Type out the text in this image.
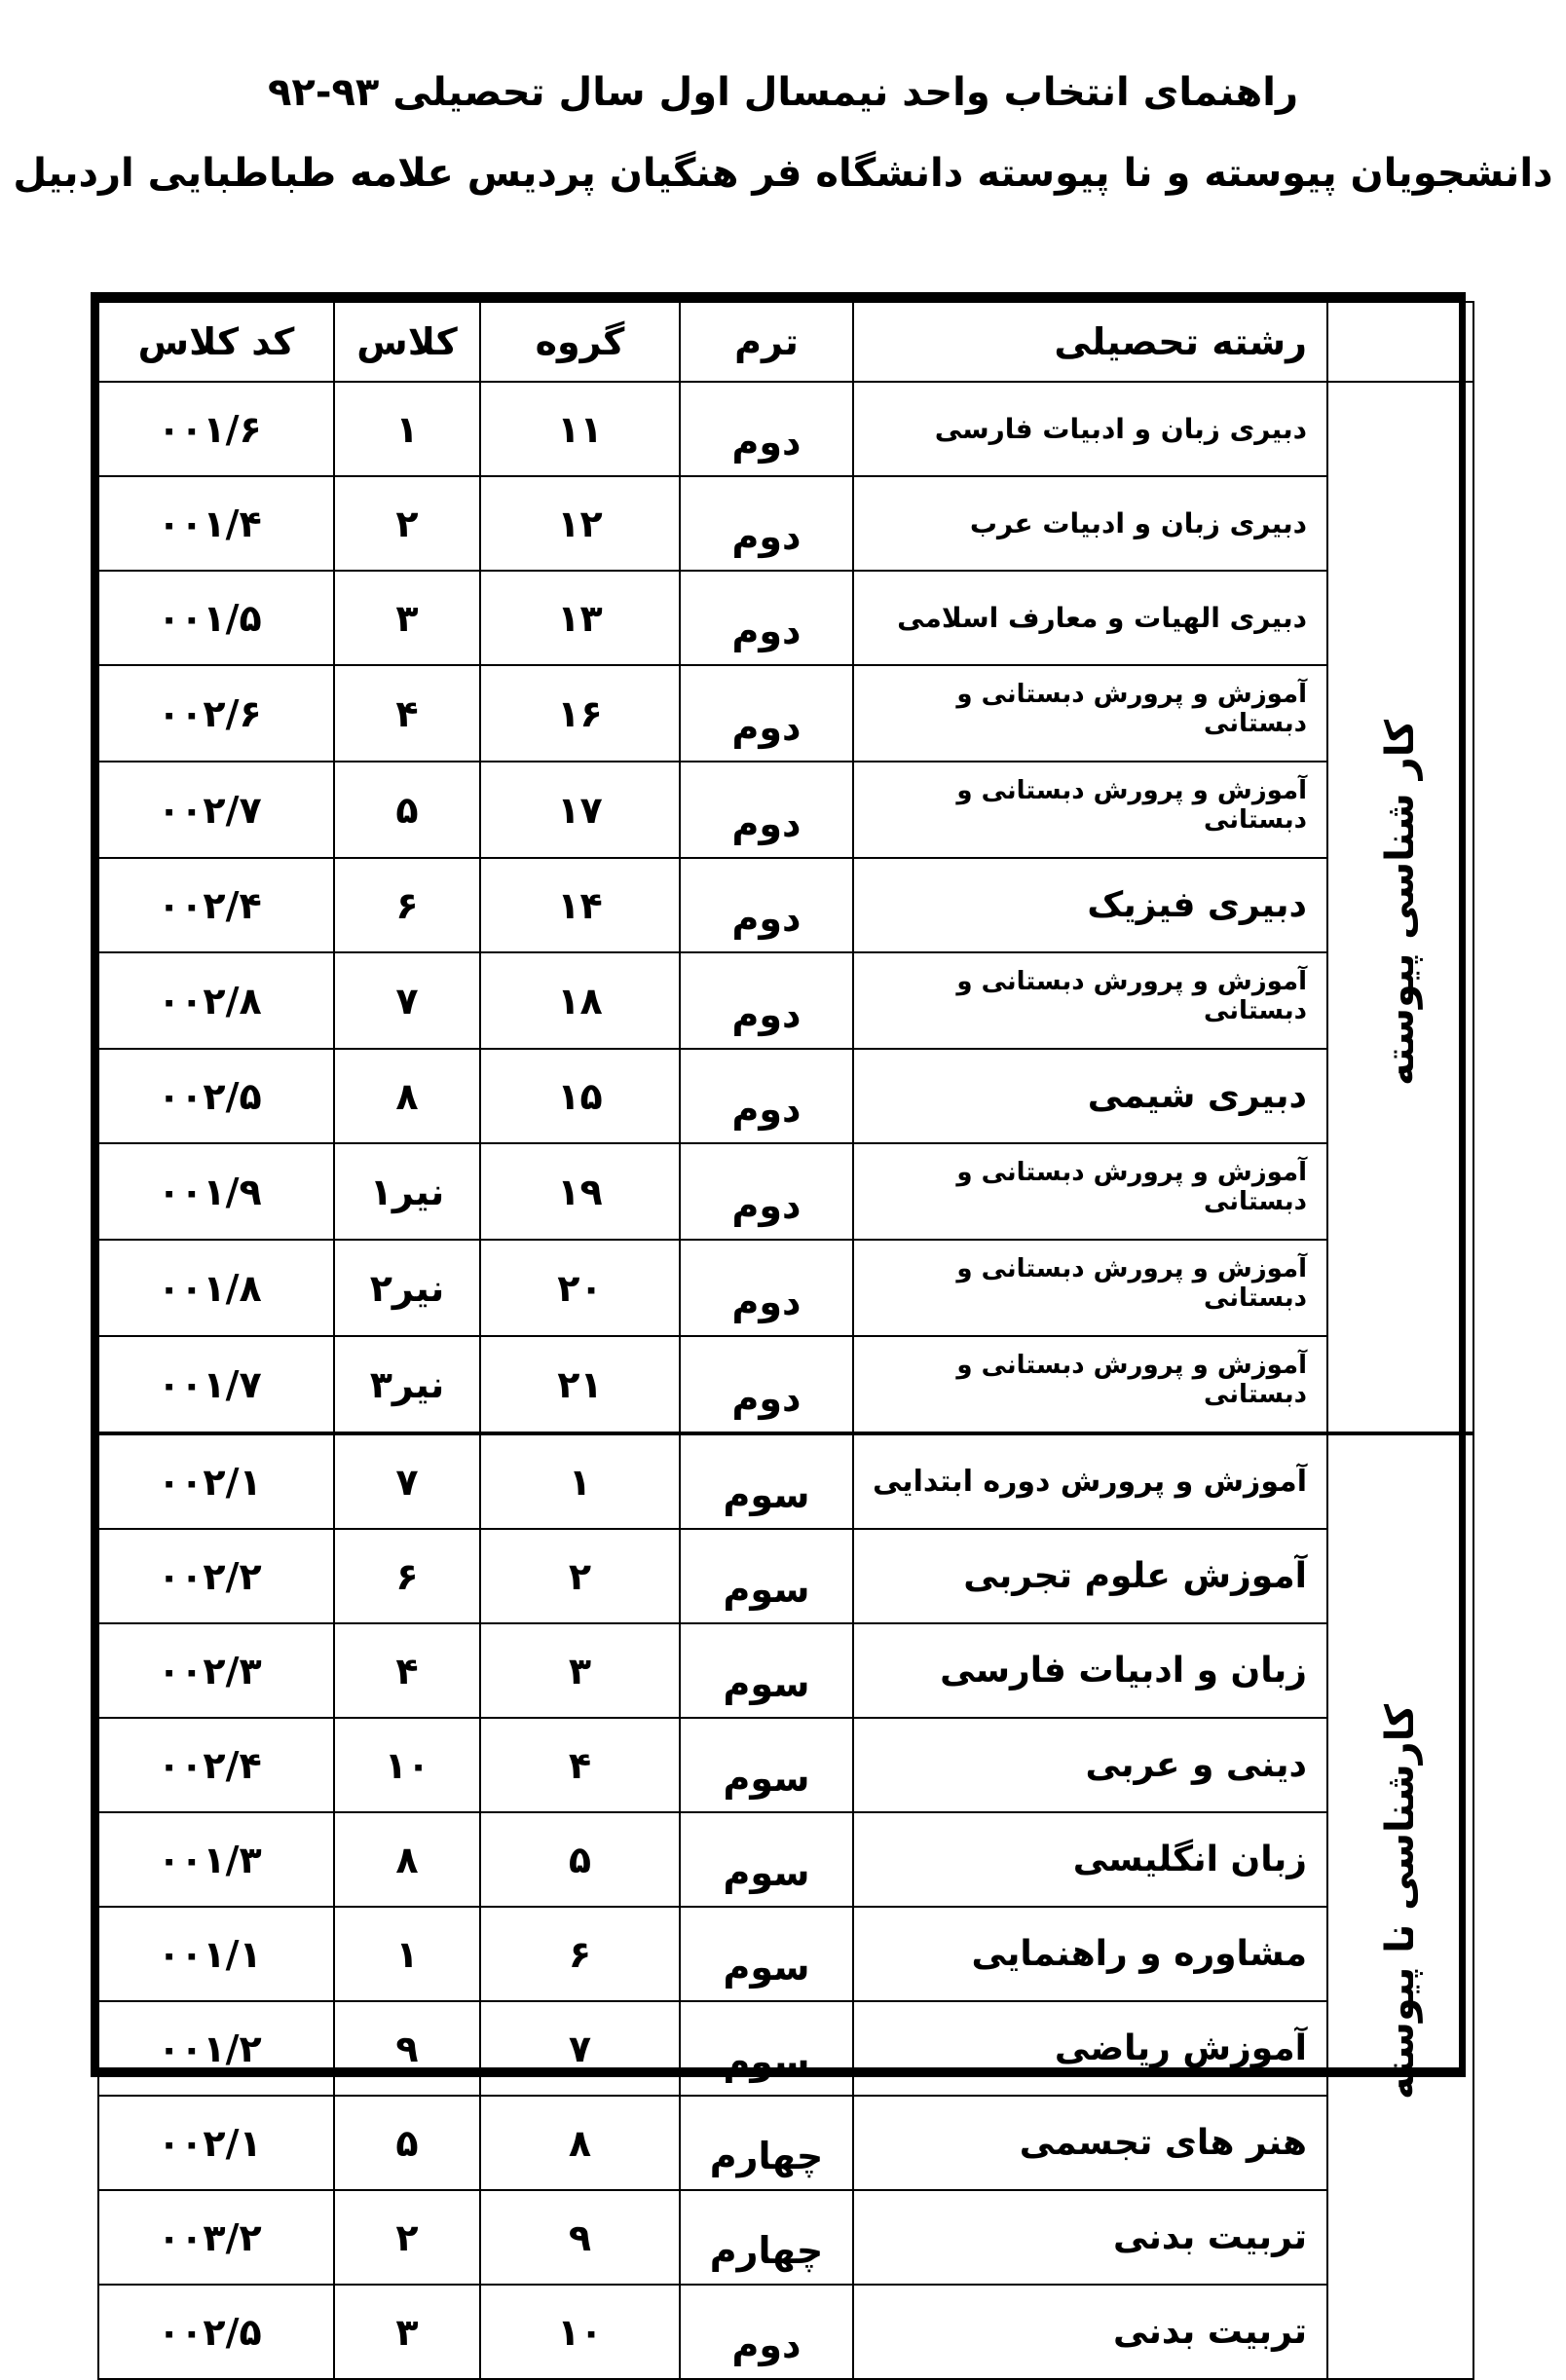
راهنمای انتخاب واحد نیمسال اول سال تحصیلی ۹۳-۹۲
دانشجویان پیوسته و نا پیوسته دانشگاه فر هنگیان پردیس علامه طباطبایی اردبیل
	رشته تحصیلی	ترم	گروه	کلاس	کد کلاس
کار شناسی پیوسته	دبیری زبان و ادبیات فارسی	دوم	۱۱	۱	۰۰۱/۶
	دبیری زبان و ادبیات عرب	دوم	۱۲	۲	۰۰۱/۴
	دبیری الهیات و معارف اسلامی	دوم	۱۳	۳	۰۰۱/۵
	آموزش و پرورش دبستانی و دبستانی	دوم	۱۶	۴	۰۰۲/۶
	آموزش و پرورش دبستانی و دبستانی	دوم	۱۷	۵	۰۰۲/۷
	دبیری فیزیک	دوم	۱۴	۶	۰۰۲/۴
	آموزش و پرورش دبستانی و دبستانی	دوم	۱۸	۷	۰۰۲/۸
	دبیری شیمی	دوم	۱۵	۸	۰۰۲/۵
	آموزش و پرورش دبستانی و دبستانی	دوم	۱۹	نیر۱	۰۰۱/۹
	آموزش و پرورش دبستانی و دبستانی	دوم	۲۰	نیر۲	۰۰۱/۸
	آموزش و پرورش دبستانی و دبستانی	دوم	۲۱	نیر۳	۰۰۱/۷
کارشناسی نا پیوسته	آموزش و پرورش دوره ابتدایی	سوم	۱	۷	۰۰۲/۱
	آموزش علوم تجربی	سوم	۲	۶	۰۰۲/۲
	زبان و ادبیات فارسی	سوم	۳	۴	۰۰۲/۳
	دینی و عربی	سوم	۴	۱۰	۰۰۲/۴
	زبان انگلیسی	سوم	۵	۸	۰۰۱/۳
	مشاوره و راهنمایی	سوم	۶	۱	۰۰۱/۱
	آموزش ریاضی	سوم	۷	۹	۰۰۱/۲
	هنر های تجسمی	چهارم	۸	۵	۰۰۲/۱
	تربیت بدنی	چهارم	۹	۲	۰۰۳/۲
	تربیت بدنی	دوم	۱۰	۳	۰۰۲/۵
